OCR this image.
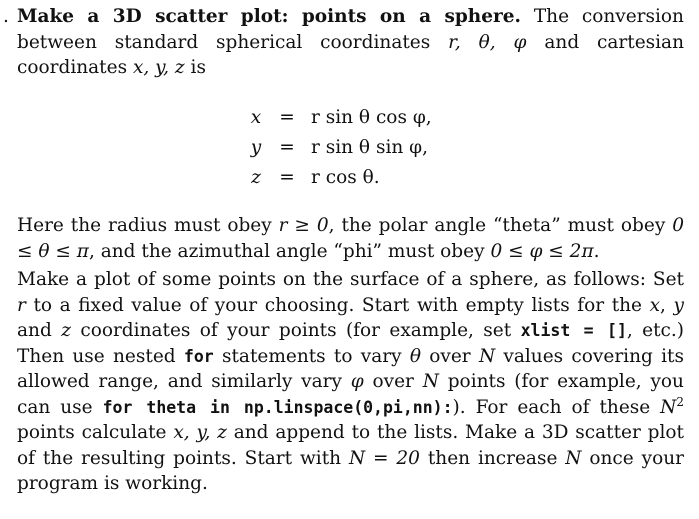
. Make a 3D scatter plot: points on a sphere. The conversion between standard spherical coordinates r, θ, φ and cartesian coordinates x, y, z is
x = r sin θ cos φ,
y = r sin θ sin φ,
z = r cos θ.
Here the radius must obey r ≥ 0, the polar angle “theta” must obey 0 ≤ θ ≤ π, and the azimuthal angle “phi” must obey 0 ≤ φ ≤ 2π.
Make a plot of some points on the surface of a sphere, as follows: Set r to a fixed value of your choosing. Start with empty lists for the x, y and z coordinates of your points (for example, set xlist = [], etc.) Then use nested for statements to vary θ over N values covering its allowed range, and similarly vary φ over N points (for example, you can use for theta in np.linspace(0,pi,nn):). For each of these $N^2$ points calculate x, y, z and append to the lists. Make a 3D scatter plot of the resulting points. Start with N = 20 then increase N once your program is working.
